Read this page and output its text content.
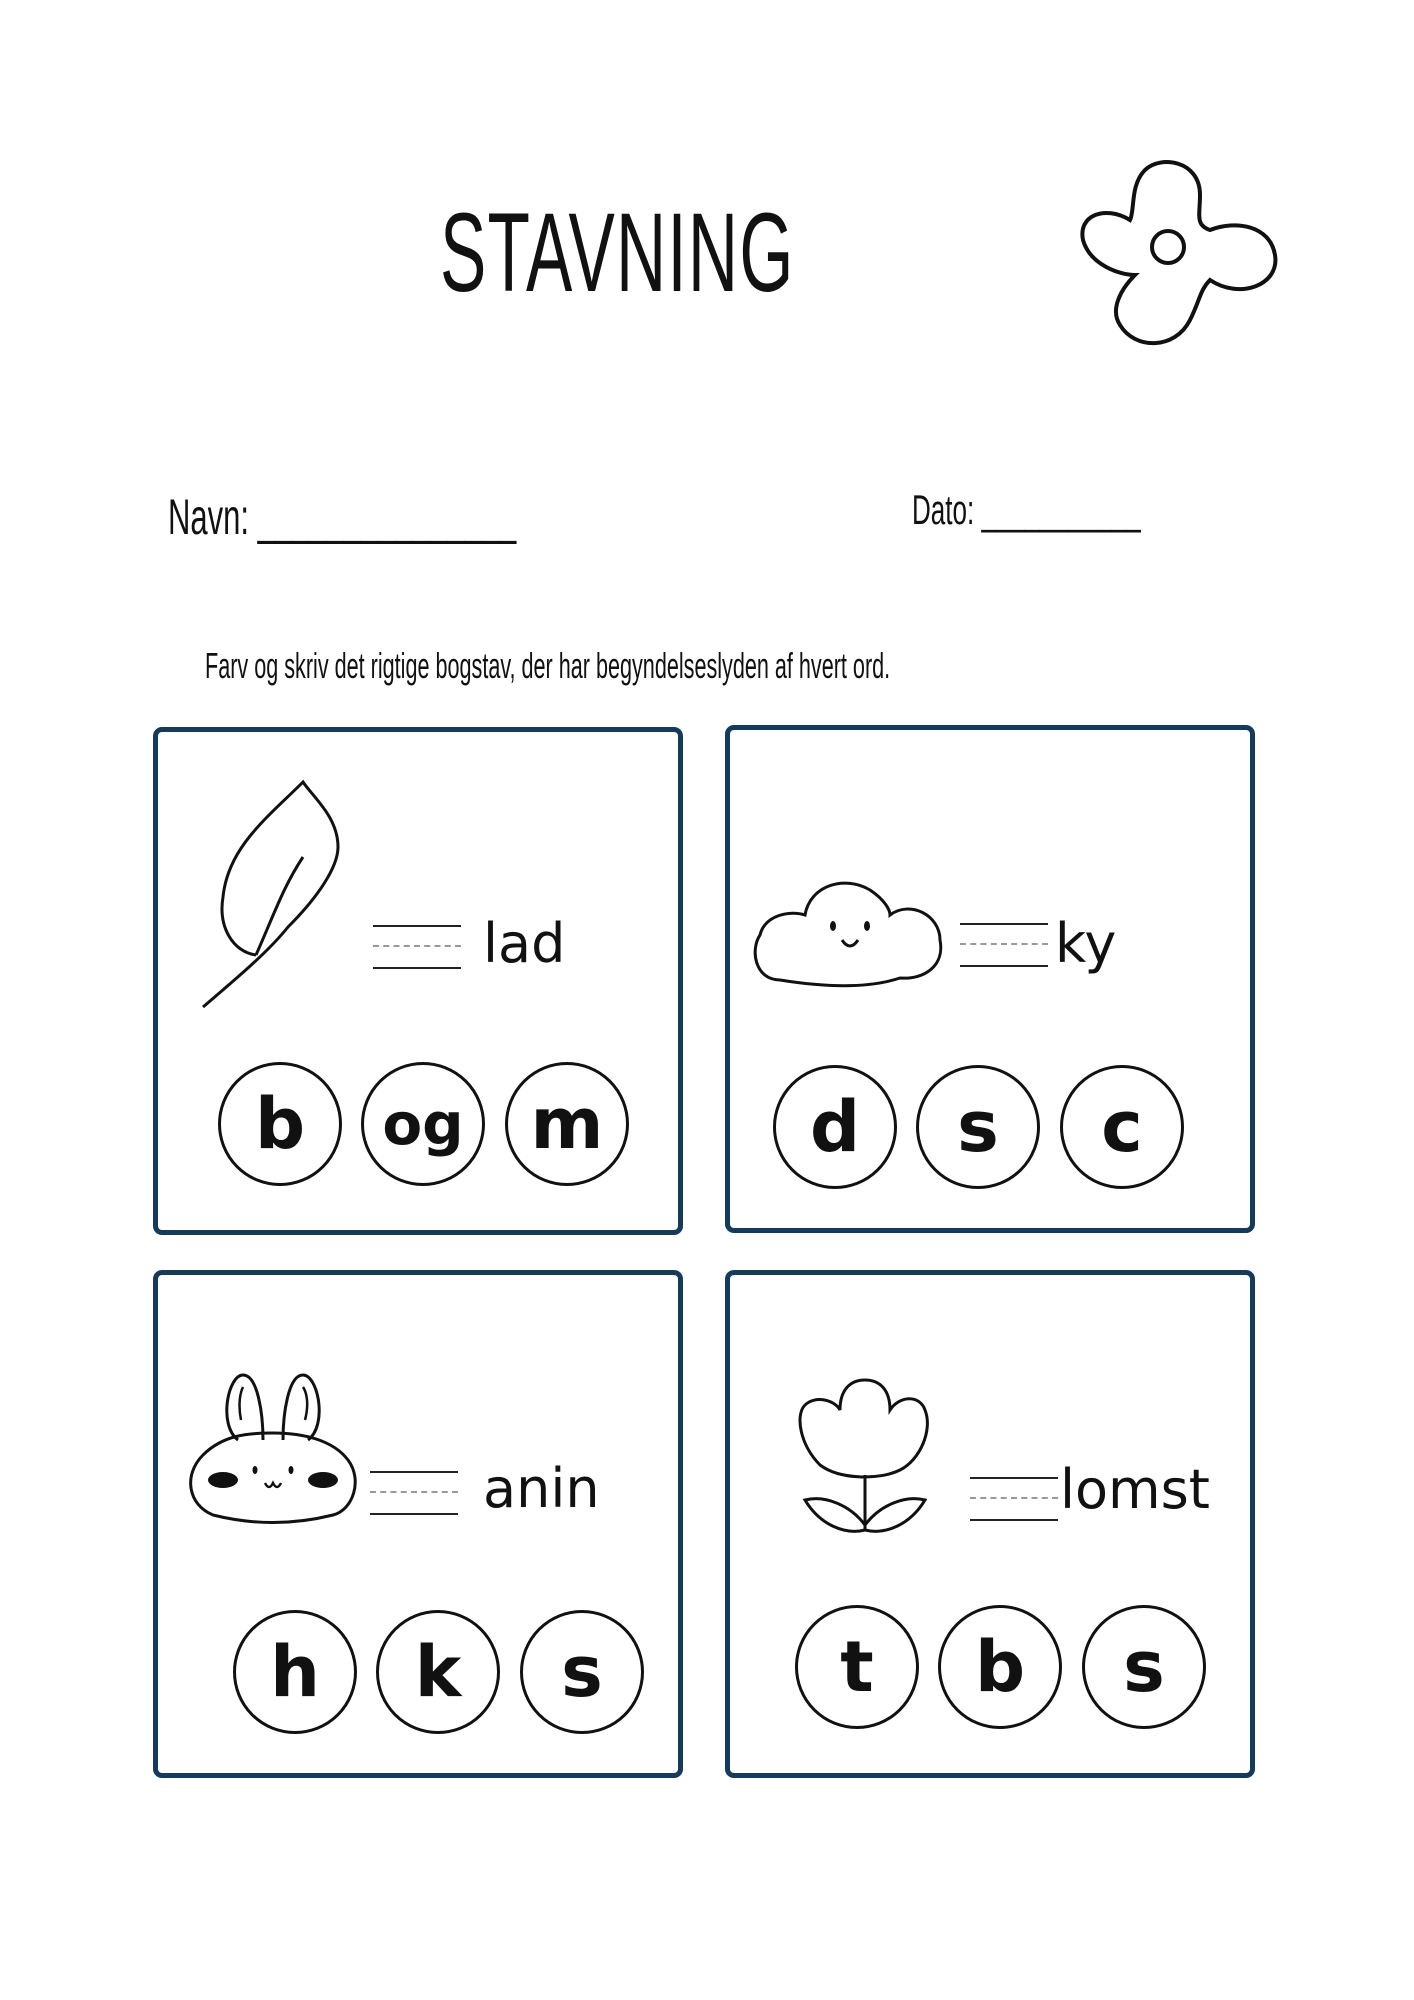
STAVNING
Navn: _______________	Dato: ___________
Farv og skriv det rigtige bogstav, der har begyndelseslyden af hvert ord.
lad
b	og m
ky
d	s	c
anin
h	k	s
lomst
t	b	s
